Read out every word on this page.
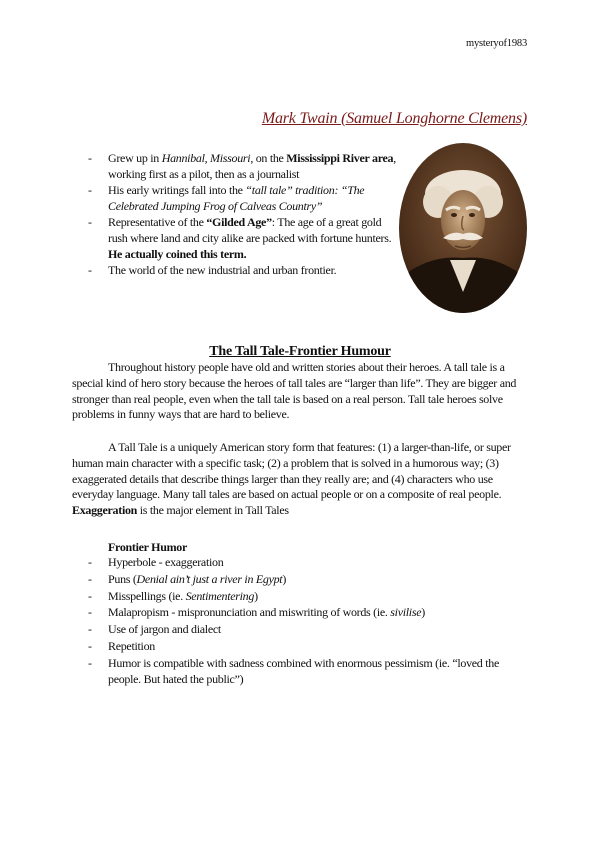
mysteryof1983
Mark Twain (Samuel Longhorne Clemens)
- Grew up in Hannibal, Missouri, on the Mississippi River area, working first as a pilot, then as a journalist
- His early writings fall into the “tall tale” tradition: “The Celebrated Jumping Frog of Calveas Country”
- Representative of the “Gilded Age”: The age of a great gold rush where land and city alike are packed with fortune hunters. He actually coined this term.
- The world of the new industrial and urban frontier.
The Tall Tale-Frontier Humour

Throughout history people have old and written stories about their heroes. A tall tale is a special kind of hero story because the heroes of tall tales are “larger than life”. They are bigger and stronger than real people, even when the tall tale is based on a real person. Tall tale heroes solve problems in funny ways that are hard to believe.

A Tall Tale is a uniquely American story form that features: (1) a larger-than-life, or super human main character with a specific task; (2) a problem that is solved in a humorous way; (3) exaggerated details that describe things larger than they really are; and (4) characters who use everyday language. Many tall tales are based on actual people or on a composite of real people. Exaggeration is the major element in Tall Tales

Frontier Humor
- Hyperbole - exaggeration
- Puns (Denial ain’t just a river in Egypt)
- Misspellings (ie. Sentimentering)
- Malapropism - mispronunciation and miswriting of words (ie. sivilise)
- Use of jargon and dialect
- Repetition
- Humor is compatible with sadness combined with enormous pessimism (ie. “loved the people. But hated the public”)
